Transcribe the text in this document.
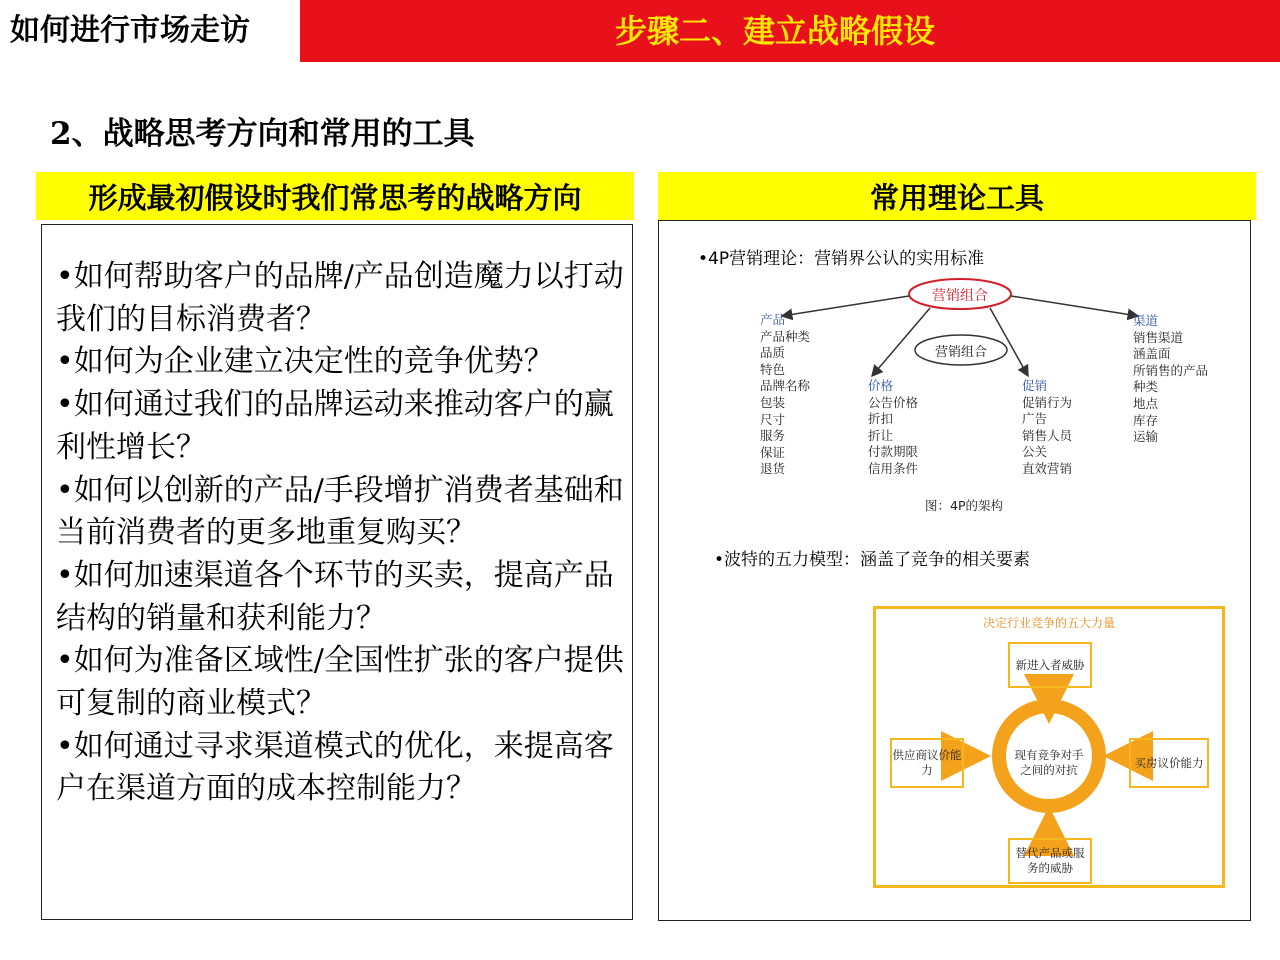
如何进行市场走访	步骤二、建立战略假设
2、战略思考方向和常用的工具
形成最初假设时我们常思考的战略方向
•如何帮助客户的品牌/产品创造魔力以打动我们的目标消费者？
•如何为企业建立决定性的竞争优势？
•如何通过我们的品牌运动来推动客户的赢利性增长？
•如何以创新的产品/手段增扩消费者基础和当前消费者的更多地重复购买？
•如何加速渠道各个环节的买卖，提高产品结构的销量和获利能力？
•如何为准备区域性/全国性扩张的客户提供可复制的商业模式？
•如何通过寻求渠道模式的优化，来提高客户在渠道方面的成本控制能力？
常用理论工具
•4P营销理论：营销界公认的实用标准
营销组合
营销组合
产品
产品种类
品质
特色
品牌名称
包装
尺寸
服务
保证
退货
价格
公告价格
折扣
折让
付款期限
信用条件
促销
促销行为
广告
销售人员
公关
直效营销
渠道
销售渠道
涵盖面
所销售的产品
种类
地点
库存
运输
图：4P的架构
•波特的五力模型：涵盖了竞争的相关要素
决定行业竞争的五大力量
新进入者威胁
供应商议价能力
现有竞争对手之间的对抗
买房议价能力
替代产品或服务的威胁
